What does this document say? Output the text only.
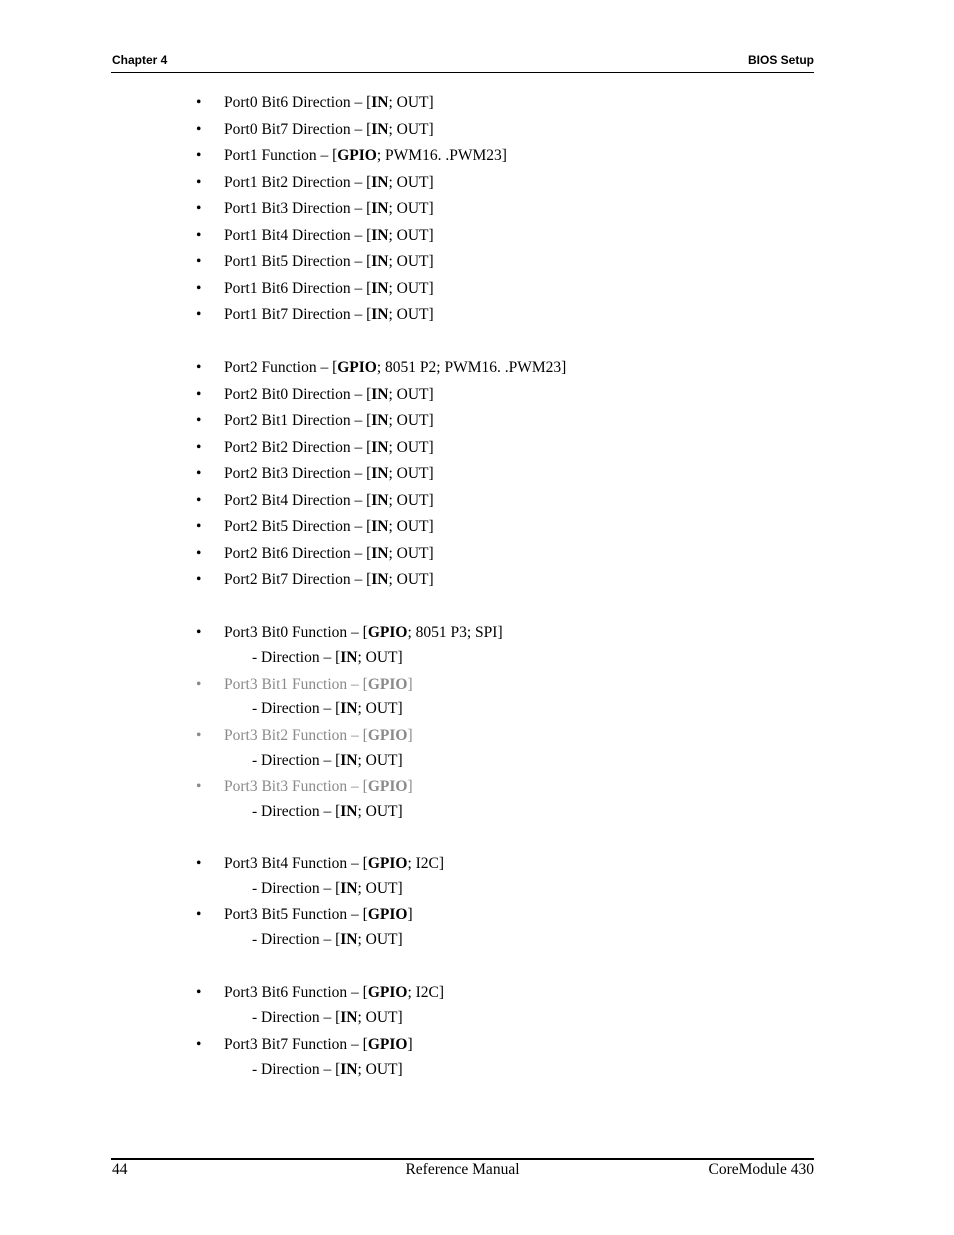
Chapter 4	BIOS Setup
• Port0 Bit6 Direction – [IN; OUT]
• Port0 Bit7 Direction – [IN; OUT]
• Port1 Function – [GPIO; PWM16. .PWM23]
• Port1 Bit2 Direction – [IN; OUT]
• Port1 Bit3 Direction – [IN; OUT]
• Port1 Bit4 Direction – [IN; OUT]
• Port1 Bit5 Direction – [IN; OUT]
• Port1 Bit6 Direction – [IN; OUT]
• Port1 Bit7 Direction – [IN; OUT]
• Port2 Function – [GPIO; 8051 P2; PWM16. .PWM23]
• Port2 Bit0 Direction – [IN; OUT]
• Port2 Bit1 Direction – [IN; OUT]
• Port2 Bit2 Direction – [IN; OUT]
• Port2 Bit3 Direction – [IN; OUT]
• Port2 Bit4 Direction – [IN; OUT]
• Port2 Bit5 Direction – [IN; OUT]
• Port2 Bit6 Direction – [IN; OUT]
• Port2 Bit7 Direction – [IN; OUT]
• Port3 Bit0 Function – [GPIO; 8051 P3; SPI]
- Direction – [IN; OUT]
• Port3 Bit1 Function – [GPIO]
- Direction – [IN; OUT]
• Port3 Bit2 Function – [GPIO]
- Direction – [IN; OUT]
• Port3 Bit3 Function – [GPIO]
- Direction – [IN; OUT]
• Port3 Bit4 Function – [GPIO; I2C]
- Direction – [IN; OUT]
• Port3 Bit5 Function – [GPIO]
- Direction – [IN; OUT]
• Port3 Bit6 Function – [GPIO; I2C]
- Direction – [IN; OUT]
• Port3 Bit7 Function – [GPIO]
- Direction – [IN; OUT]
44	Reference Manual	CoreModule 430
